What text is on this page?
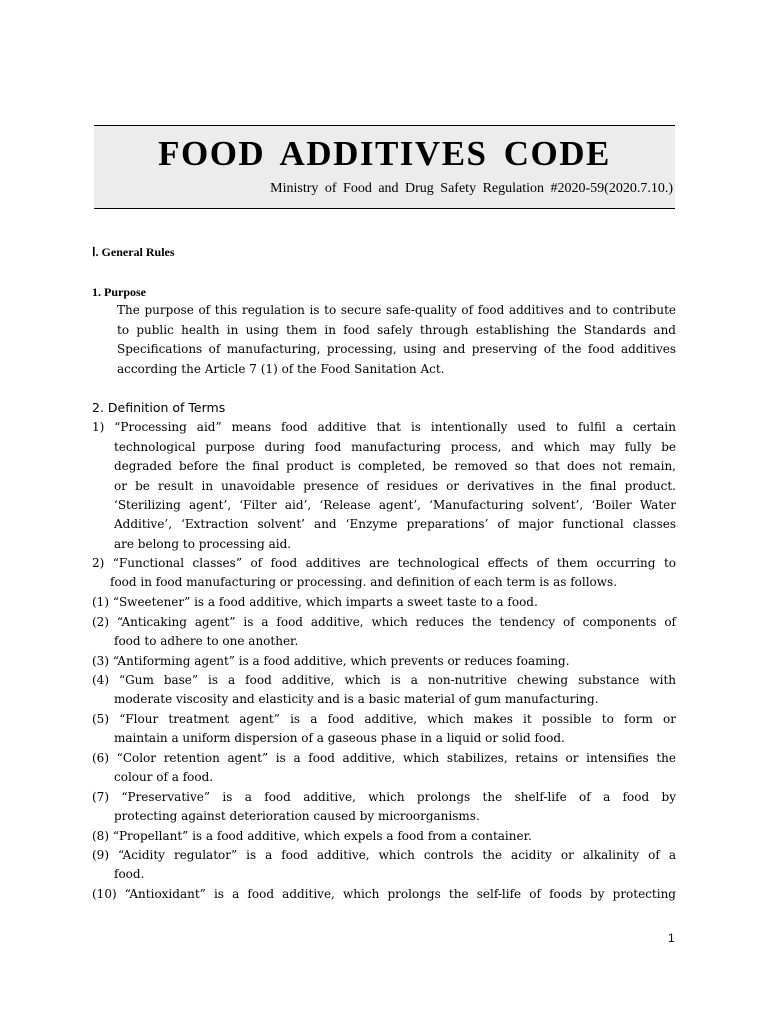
FOOD ADDITIVES CODE
Ministry of Food and Drug Safety Regulation #2020-59(2020.7.10.)
Ⅰ. General Rules
1. Purpose
The purpose of this regulation is to secure safe-quality of food additives and to contribute
to public health in using them in food safely through establishing the Standards and
Specifications of manufacturing, processing, using and preserving of the food additives
according the Article 7 (1) of the Food Sanitation Act.
2. Definition of Terms
1) “Processing aid” means food additive that is intentionally used to fulfil a certain
technological purpose during food manufacturing process, and which may fully be
degraded before the final product is completed, be removed so that does not remain,
or be result in unavoidable presence of residues or derivatives in the final product.
‘Sterilizing agent’, ‘Filter aid’, ‘Release agent’, ‘Manufacturing solvent’, ‘Boiler Water
Additive’, ‘Extraction solvent’ and ‘Enzyme preparations’ of major functional classes
are belong to processing aid.
2) “Functional classes” of food additives are technological effects of them occurring to
food in food manufacturing or processing. and definition of each term is as follows.
(1) “Sweetener” is a food additive, which imparts a sweet taste to a food.
(2) “Anticaking agent” is a food additive, which reduces the tendency of components of
food to adhere to one another.
(3) “Antiforming agent” is a food additive, which prevents or reduces foaming.
(4) “Gum base” is a food additive, which is a non-nutritive chewing substance with
moderate viscosity and elasticity and is a basic material of gum manufacturing.
(5) “Flour treatment agent” is a food additive, which makes it possible to form or
maintain a uniform dispersion of a gaseous phase in a liquid or solid food.
(6) “Color retention agent” is a food additive, which stabilizes, retains or intensifies the
colour of a food.
(7) “Preservative” is a food additive, which prolongs the shelf-life of a food by
protecting against deterioration caused by microorganisms.
(8) “Propellant” is a food additive, which expels a food from a container.
(9) “Acidity regulator” is a food additive, which controls the acidity or alkalinity of a
food.
(10) “Antioxidant” is a food additive, which prolongs the self-life of foods by protecting
1
